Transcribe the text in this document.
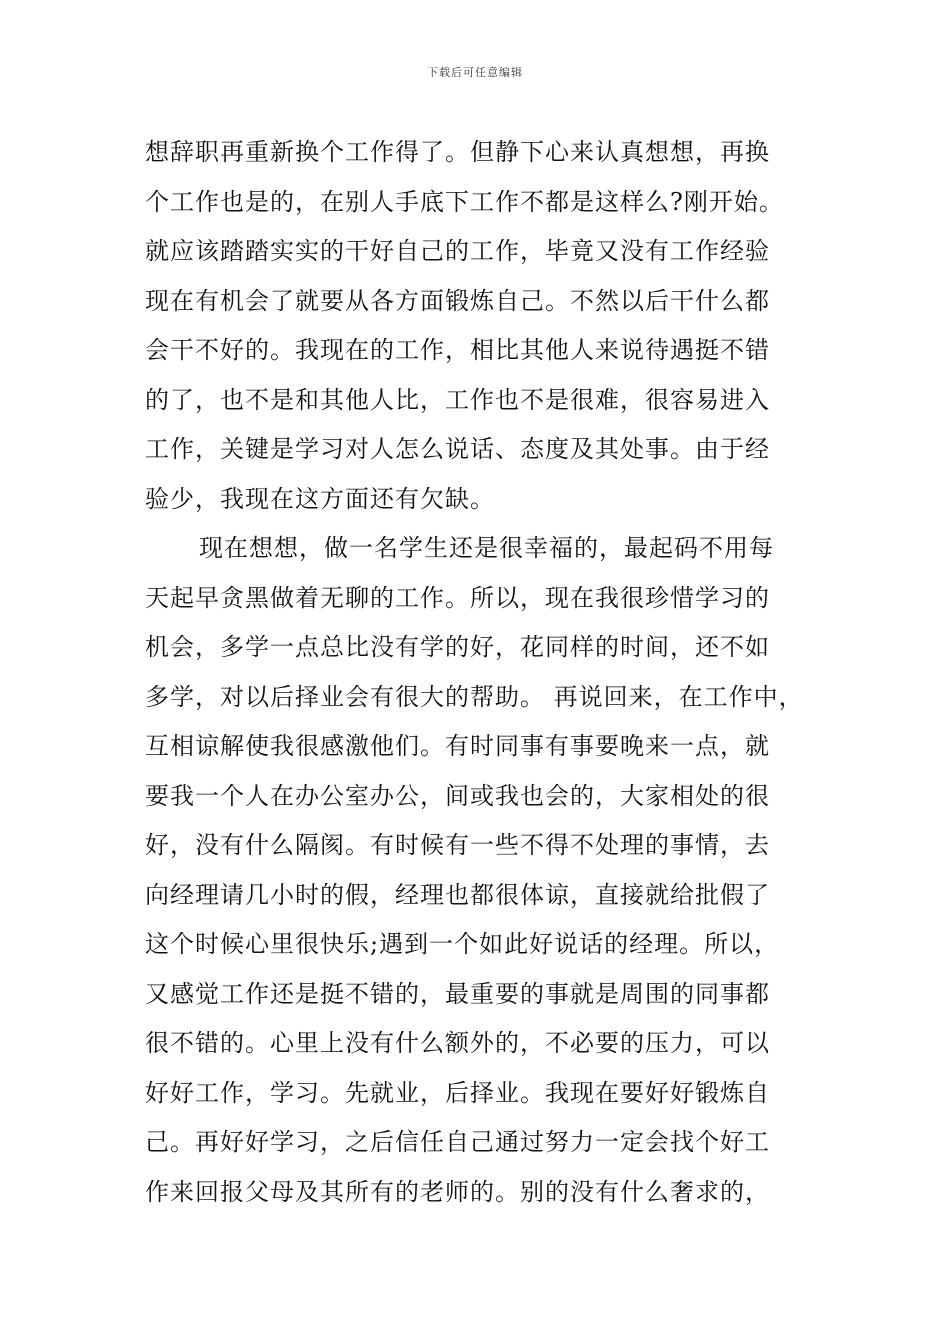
下载后可任意编辑
想辞职再重新换个工作得了。但静下心来认真想想，再换
个工作也是的，在别人手底下工作不都是这样么?刚开始。
就应该踏踏实实的干好自己的工作，毕竟又没有工作经验
现在有机会了就要从各方面锻炼自己。不然以后干什么都
会干不好的。我现在的工作，相比其他人来说待遇挺不错
的了，也不是和其他人比，工作也不是很难，很容易进入
工作，关键是学习对人怎么说话、态度及其处事。由于经
验少，我现在这方面还有欠缺。
现在想想，做一名学生还是很幸福的，最起码不用每
天起早贪黑做着无聊的工作。所以，现在我很珍惜学习的
机会，多学一点总比没有学的好，花同样的时间，还不如
多学，对以后择业会有很大的帮助。 再说回来，在工作中，
互相谅解使我很感激他们。有时同事有事要晚来一点，就
要我一个人在办公室办公，间或我也会的，大家相处的很
好，没有什么隔阂。有时候有一些不得不处理的事情，去
向经理请几小时的假，经理也都很体谅，直接就给批假了
这个时候心里很快乐;遇到一个如此好说话的经理。所以，
又感觉工作还是挺不错的，最重要的事就是周围的同事都
很不错的。心里上没有什么额外的，不必要的压力，可以
好好工作，学习。先就业，后择业。我现在要好好锻炼自
己。再好好学习，之后信任自己通过努力一定会找个好工
作来回报父母及其所有的老师的。别的没有什么奢求的，
